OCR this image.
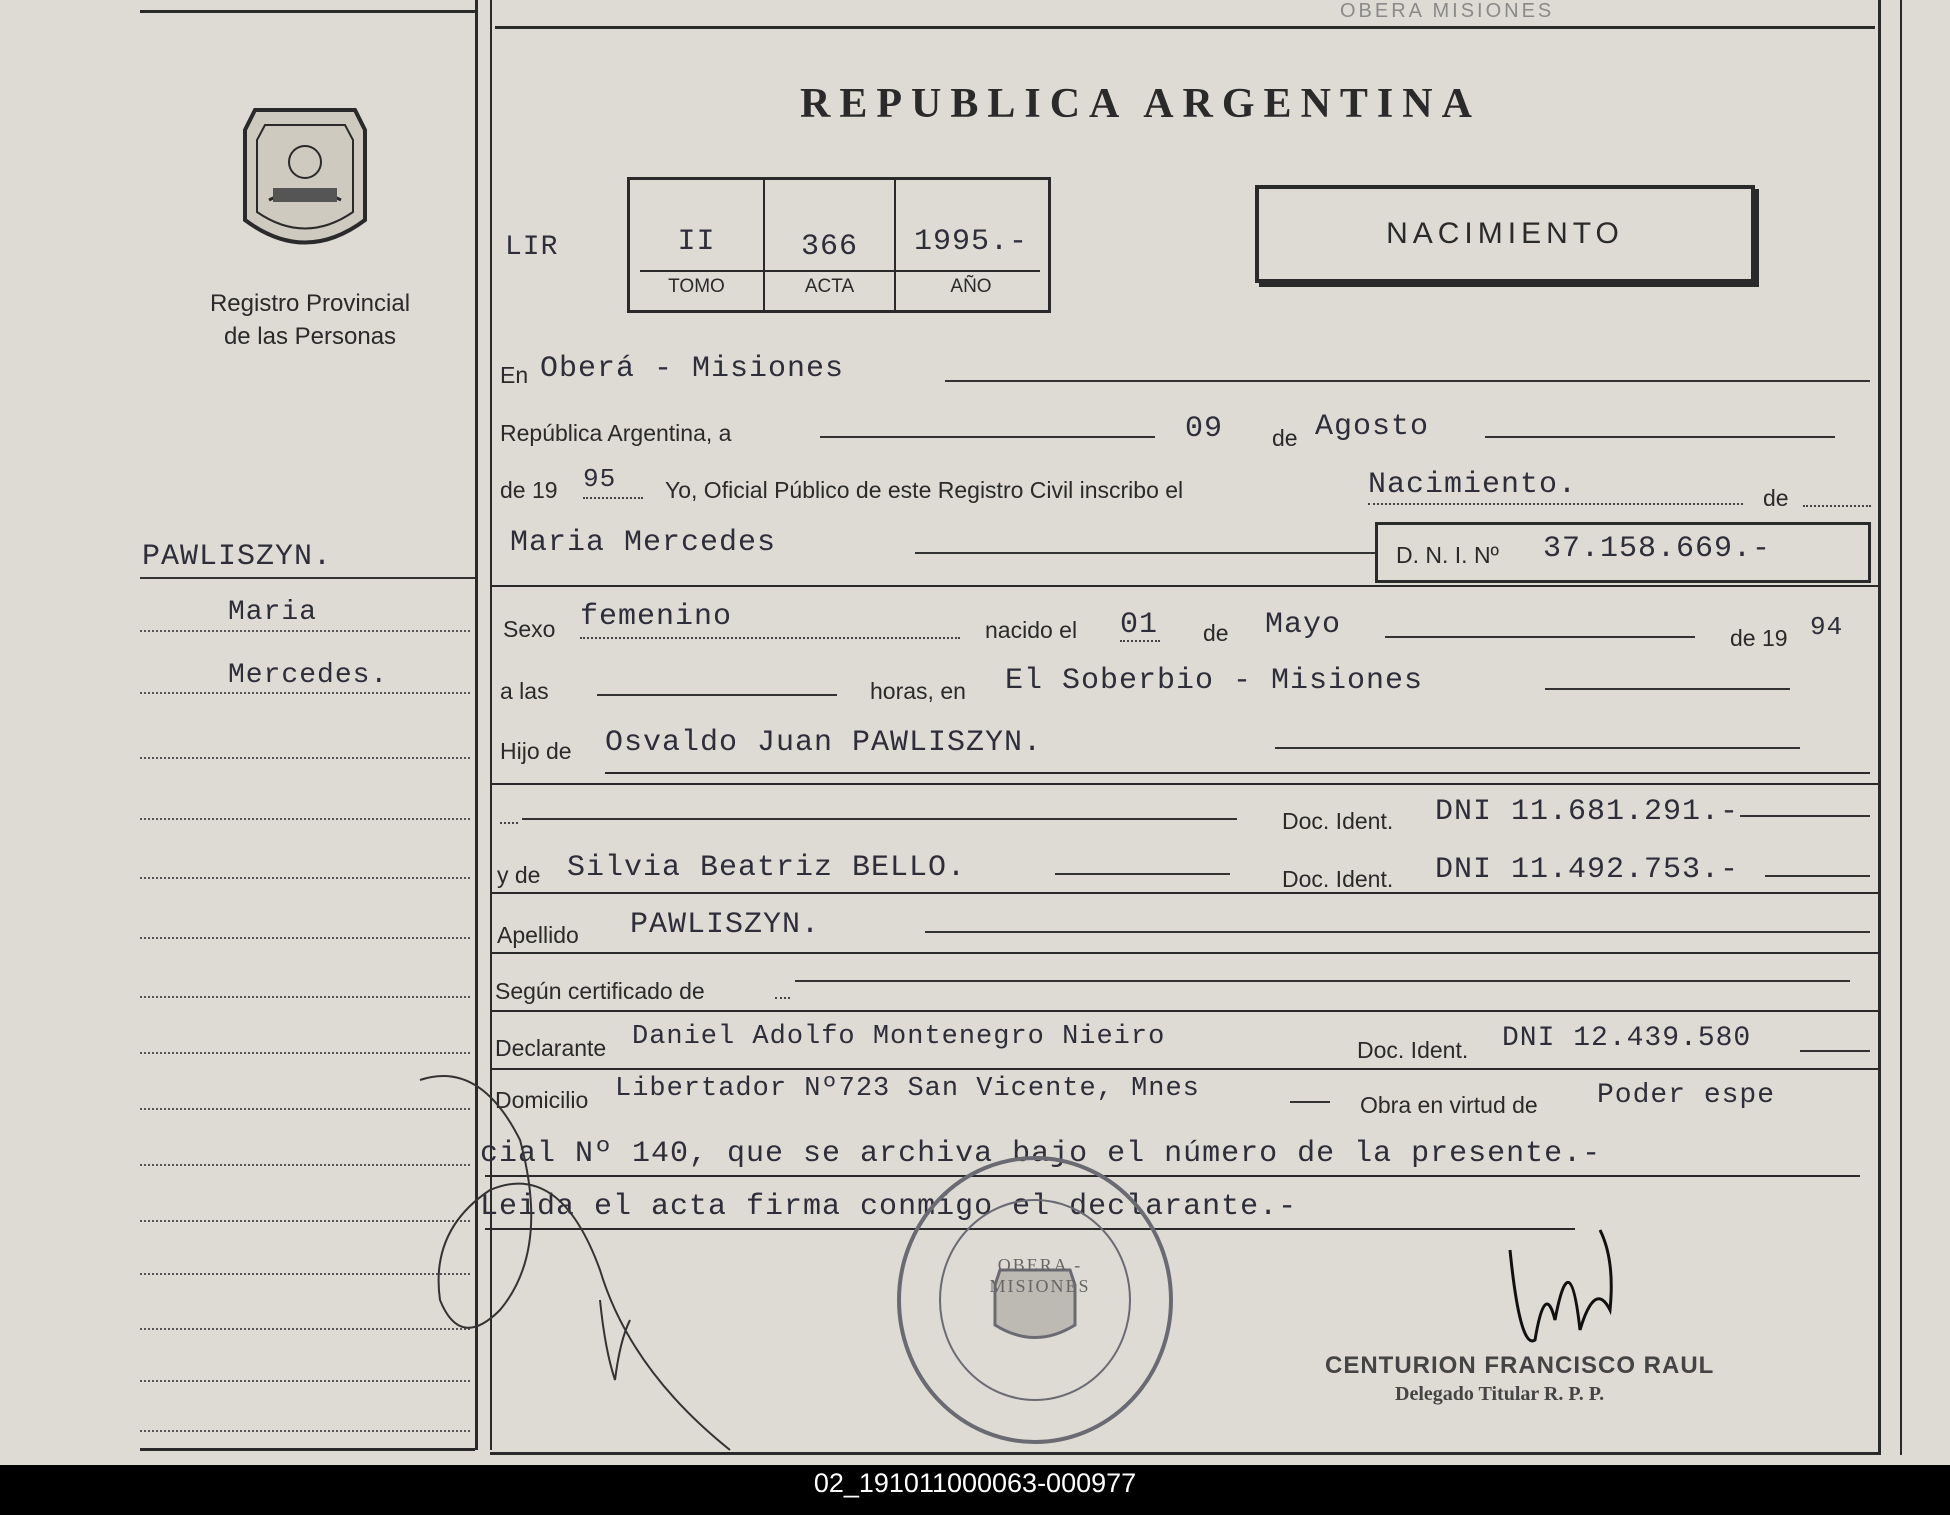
OBERA MISIONES
REPUBLICA ARGENTINA
Registro Provincial
de las Personas
LIR	II	366	1995.-
TOMO	ACTA	AÑO
NACIMIENTO
PAWLISZYN.
Maria
Mercedes.
En Oberá - Misiones
República Argentina, a	09 de Agosto
de 19 95 Yo, Oficial Público de este Registro Civil inscribo el	Nacimiento.	de
Maria Mercedes	D. N. I. Nº 37.158.669.-
Sexo femenino	nacido el 01 de Mayo	de 19 94
a las	horas, en El Soberbio - Misiones
Hijo de Osvaldo Juan PAWLISZYN.
Doc. Ident. DNI 11.681.291.-
y de Silvia Beatriz BELLO.	Doc. Ident. DNI 11.492.753.-
Apellido PAWLISZYN.
Según certificado de
Declarante Daniel Adolfo Montenegro Nieiro	Doc. Ident. DNI 12.439.580
Domicilio Libertador Nº723 San Vicente, Mnes
Obra en virtud de Poder espe
cial Nº 140, que se archiva bajo el número de la presente.-
Leida el acta firma conmigo el declarante.-
OBERA - MISIONES
CENTURION FRANCISCO RAUL
Delegado Titular R. P. P.
02_191011000063-000977
